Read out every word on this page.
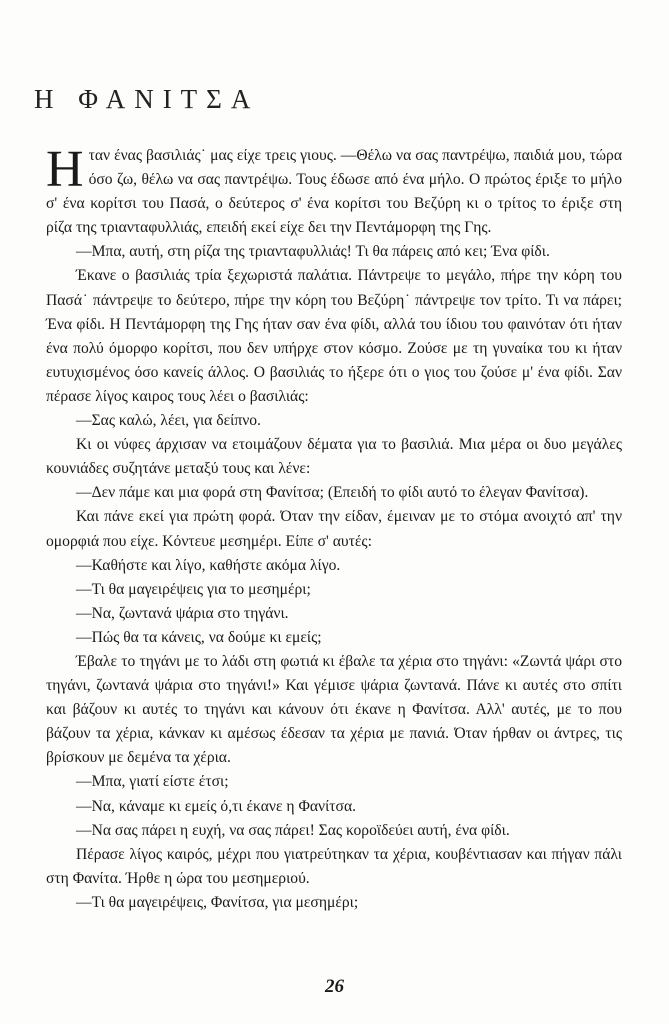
Η ΦΑΝΙΤΣΑ
Η ταν ένας βασιλιάς˙ μας είχε τρεις γιους. —Θέλω να σας παντρέψω, παιδιά μου, τώρα όσο ζω, θέλω να σας παντρέψω. Τους έδωσε από ένα μήλο. Ο πρώτος έριξε το μήλο σ' ένα κορίτσι του Πασά, ο δεύτερος σ' ένα κορίτσι του Βεζύρη κι ο τρίτος το έριξε στη ρίζα της τριανταφυλλιάς, επειδή εκεί είχε δει την Πεντάμορφη της Γης.

—Μπα, αυτή, στη ρίζα της τριανταφυλλιάς! Τι θα πάρεις από κει; Ένα φίδι.

Έκανε ο βασιλιάς τρία ξεχωριστά παλάτια. Πάντρεψε το μεγάλο, πήρε την κόρη του Πασά˙ πάντρεψε το δεύτερο, πήρε την κόρη του Βεζύρη˙ πάντρεψε τον τρίτο. Τι να πάρει; Ένα φίδι. Η Πεντάμορφη της Γης ήταν σαν ένα φίδι, αλλά του ίδιου του φαινόταν ότι ήταν ένα πολύ όμορφο κορίτσι, που δεν υπήρχε στον κόσμο. Ζούσε με τη γυναίκα του κι ήταν ευτυχισμένος όσο κανείς άλλος. Ο βασιλιάς το ήξερε ότι ο γιος του ζούσε μ' ένα φίδι. Σαν πέρασε λίγος καιρος τους λέει ο βασιλιάς:

—Σας καλώ, λέει, για δείπνο.

Κι οι νύφες άρχισαν να ετοιμάζουν δέματα για το βασιλιά. Μια μέρα οι δυο μεγάλες κουνιάδες συζητάνε μεταξύ τους και λένε:

—Δεν πάμε και μια φορά στη Φανίτσα; (Επειδή το φίδι αυτό το έλεγαν Φανίτσα).

Και πάνε εκεί για πρώτη φορά. Όταν την είδαν, έμειναν με το στόμα ανοιχτό απ' την ομορφιά που είχε. Κόντευε μεσημέρι. Είπε σ' αυτές:

—Καθήστε και λίγο, καθήστε ακόμα λίγο.

—Τι θα μαγειρέψεις για το μεσημέρι;

—Να, ζωντανά ψάρια στο τηγάνι.

—Πώς θα τα κάνεις, να δούμε κι εμείς;

Έβαλε το τηγάνι με το λάδι στη φωτιά κι έβαλε τα χέρια στο τηγάνι: «Ζωντά ψάρι στο τηγάνι, ζωντανά ψάρια στο τηγάνι!» Και γέμισε ψάρια ζωντανά. Πάνε κι αυτές στο σπίτι και βάζουν κι αυτές το τηγάνι και κάνουν ότι έκανε η Φανίτσα. Αλλ' αυτές, με το που βάζουν τα χέρια, κάνκαν κι αμέσως έδεσαν τα χέρια με πανιά. Όταν ήρθαν οι άντρες, τις βρίσκουν με δεμένα τα χέρια.

—Μπα, γιατί είστε έτσι;

—Να, κάναμε κι εμείς ό,τι έκανε η Φανίτσα.

—Να σας πάρει η ευχή, να σας πάρει! Σας κοροϊδεύει αυτή, ένα φίδι.

Πέρασε λίγος καιρός, μέχρι που γιατρεύτηκαν τα χέρια, κουβέντιασαν και πήγαν πάλι στη Φανίτα. Ήρθε η ώρα του μεσημεριού.

—Τι θα μαγειρέψεις, Φανίτσα, για μεσημέρι;

26
